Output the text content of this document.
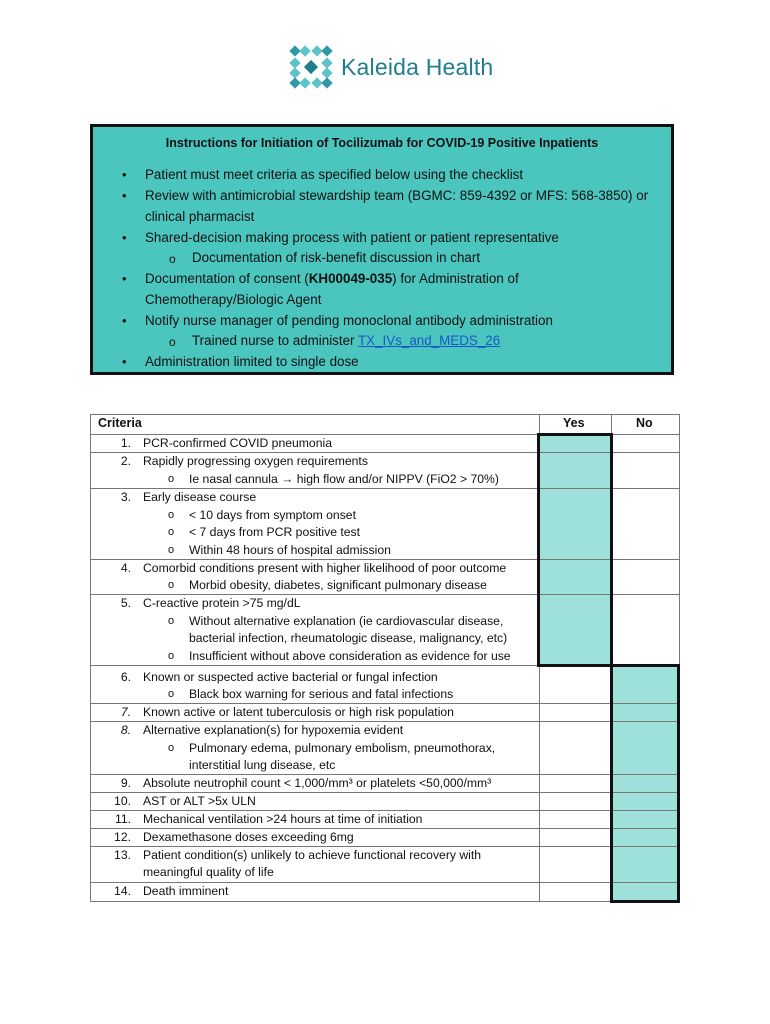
Kaleida Health
Instructions for Initiation of Tocilizumab for COVID-19 Positive Inpatients
• Patient must meet criteria as specified below using the checklist
• Review with antimicrobial stewardship team (BGMC: 859-4392 or MFS: 568-3850) or
clinical pharmacist
• Shared-decision making process with patient or patient representative
o Documentation of risk-benefit discussion in chart
• Documentation of consent (KH00049-035) for Administration of
Chemotherapy/Biologic Agent
• Notify nurse manager of pending monoclonal antibody administration
o Trained nurse to administer TX_IVs_and_MEDS_26
• Administration limited to single dose
Criteria	Yes	No
1. PCR-confirmed COVID pneumonia
2. Rapidly progressing oxygen requirements
o Ie nasal cannula → high flow and/or NIPPV (FiO2 > 70%)
3. Early disease course
o < 10 days from symptom onset
o < 7 days from PCR positive test
o Within 48 hours of hospital admission
4. Comorbid conditions present with higher likelihood of poor outcome
o Morbid obesity, diabetes, significant pulmonary disease
5. C-reactive protein >75 mg/dL
o Without alternative explanation (ie cardiovascular disease,
bacterial infection, rheumatologic disease, malignancy, etc)
o Insufficient without above consideration as evidence for use
6. Known or suspected active bacterial or fungal infection
o Black box warning for serious and fatal infections
7. Known active or latent tuberculosis or high risk population
8. Alternative explanation(s) for hypoxemia evident
o Pulmonary edema, pulmonary embolism, pneumothorax,
interstitial lung disease, etc
9. Absolute neutrophil count < 1,000/mm³ or platelets <50,000/mm³
10. AST or ALT >5x ULN
11. Mechanical ventilation >24 hours at time of initiation
12. Dexamethasone doses exceeding 6mg
13. Patient condition(s) unlikely to achieve functional recovery with
meaningful quality of life
14. Death imminent
